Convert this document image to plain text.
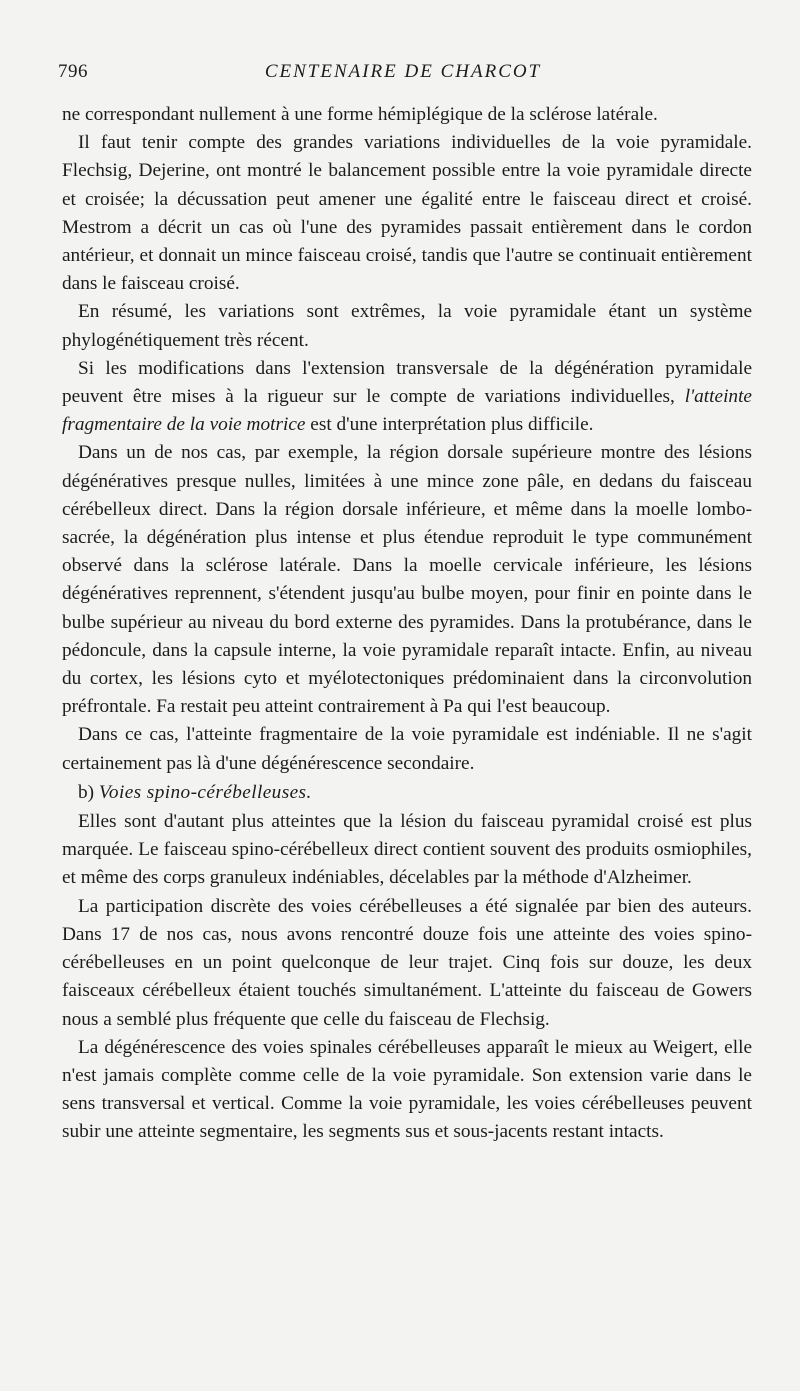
796	CENTENAIRE DE CHARCOT

ne correspondant nullement à une forme hémiplégique de la sclérose latérale.

Il faut tenir compte des grandes variations individuelles de la voie pyramidale. Flechsig, Dejerine, ont montré le balancement possible entre la voie pyramidale directe et croisée; la décussation peut amener une égalité entre le faisceau direct et croisé. Mestrom a décrit un cas où l'une des pyramides passait entièrement dans le cordon antérieur, et donnait un mince faisceau croisé, tandis que l'autre se continuait entièrement dans le faisceau croisé.

En résumé, les variations sont extrêmes, la voie pyramidale étant un système phylogénétiquement très récent.

Si les modifications dans l'extension transversale de la dégénération pyramidale peuvent être mises à la rigueur sur le compte de variations individuelles, l'atteinte fragmentaire de la voie motrice est d'une interprétation plus difficile.

Dans un de nos cas, par exemple, la région dorsale supérieure montre des lésions dégénératives presque nulles, limitées à une mince zone pâle, en dedans du faisceau cérébelleux direct. Dans la région dorsale inférieure, et même dans la moelle lombo-sacrée, la dégénération plus intense et plus étendue reproduit le type communément observé dans la sclérose latérale. Dans la moelle cervicale inférieure, les lésions dégénératives reprennent, s'étendent jusqu'au bulbe moyen, pour finir en pointe dans le bulbe supérieur au niveau du bord externe des pyramides. Dans la protubérance, dans le pédoncule, dans la capsule interne, la voie pyramidale reparaît intacte. Enfin, au niveau du cortex, les lésions cyto et myélotectoniques prédominaient dans la circonvolution préfrontale. Fa restait peu atteint contrairement à Pa qui l'est beaucoup.

Dans ce cas, l'atteinte fragmentaire de la voie pyramidale est indéniable. Il ne s'agit certainement pas là d'une dégénérescence secondaire.

b) Voies spino-cérébelleuses.

Elles sont d'autant plus atteintes que la lésion du faisceau pyramidal croisé est plus marquée. Le faisceau spino-cérébelleux direct contient souvent des produits osmiophiles, et même des corps granuleux indéniables, décelables par la méthode d'Alzheimer.

La participation discrète des voies cérébelleuses a été signalée par bien des auteurs. Dans 17 de nos cas, nous avons rencontré douze fois une atteinte des voies spino-cérébelleuses en un point quelconque de leur trajet. Cinq fois sur douze, les deux faisceaux cérébelleux étaient touchés simultanément. L'atteinte du faisceau de Gowers nous a semblé plus fréquente que celle du faisceau de Flechsig.

La dégénérescence des voies spinales cérébelleuses apparaît le mieux au Weigert, elle n'est jamais complète comme celle de la voie pyramidale. Son extension varie dans le sens transversal et vertical. Comme la voie pyramidale, les voies cérébelleuses peuvent subir une atteinte segmentaire, les segments sus et sous-jacents restant intacts.
